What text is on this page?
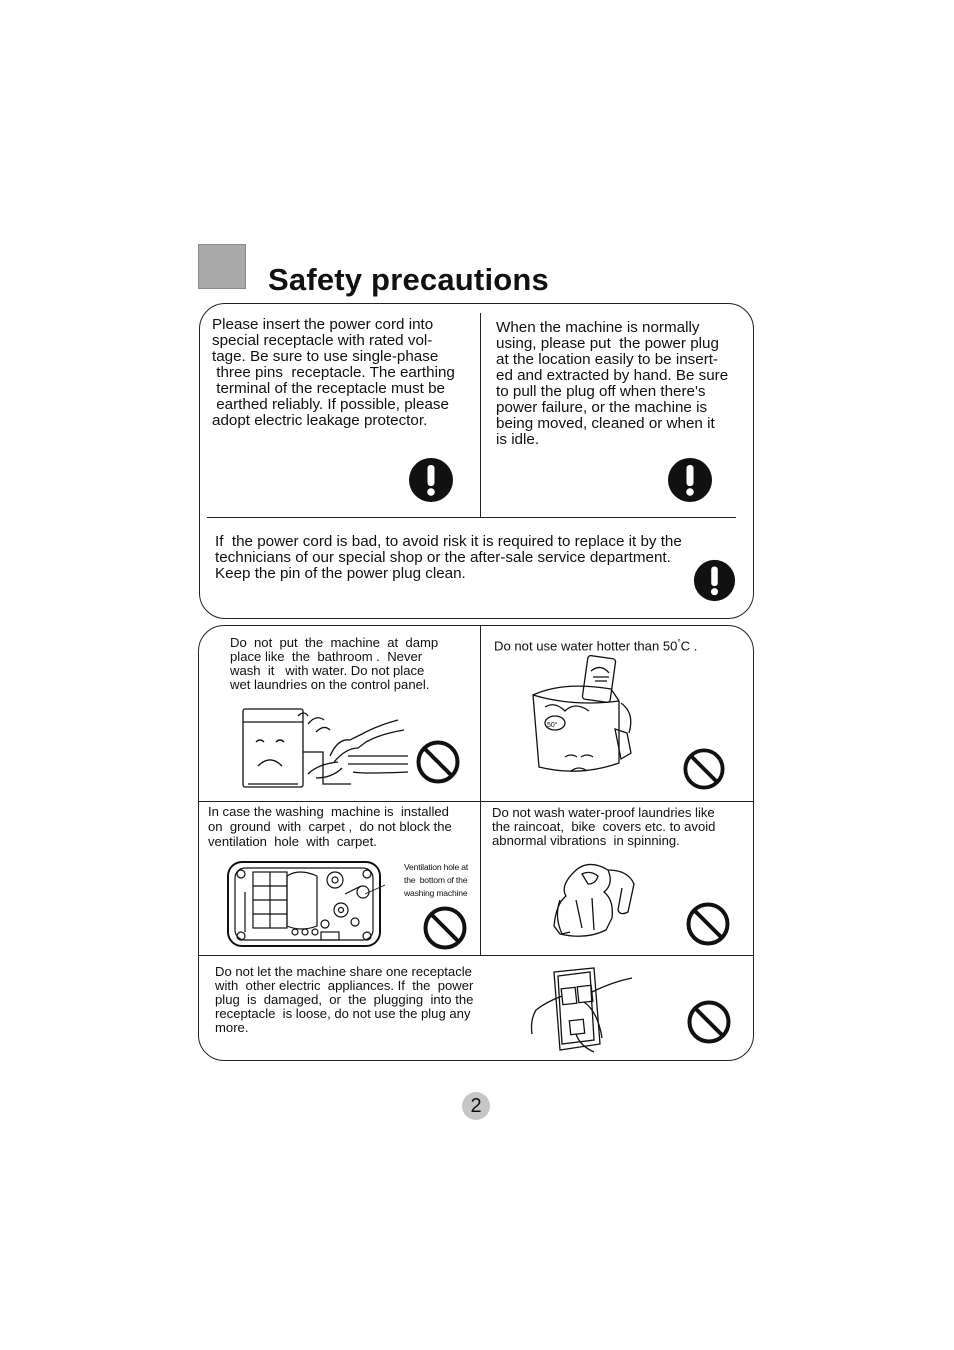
Safety precautions
Please insert the power cord into
special receptacle with rated vol-
tage. Be sure to use single-phase
three pins  receptacle. The earthing
terminal of the receptacle must be
earthed reliably. If possible, please
adopt electric leakage protector.
When the machine is normally
using, please put  the power plug
at the location easily to be insert-
ed and extracted by hand. Be sure
to pull the plug off when there's
power failure, or the machine is
being moved, cleaned or when it
is idle.
If  the power cord is bad, to avoid risk it is required to replace it by the
technicians of our special shop or the after-sale service department.
Keep the pin of the power plug clean.
Do  not  put  the  machine  at  damp
place like  the  bathroom .  Never
wash  it   with water. Do not place
wet laundries on the control panel.
Do not use water hotter than 50°C .
50°
In case the washing  machine is  installed
on  ground  with  carpet ,  do not block the
ventilation  hole  with  carpet.
Ventilation hole at
the  bottom of the
washing machine
Do not wash water-proof laundries like
the raincoat,  bike  covers etc. to avoid
abnormal vibrations  in spinning.
Do not let the machine share one receptacle
with  other electric  appliances. If  the  power
plug  is  damaged,  or  the  plugging  into the
receptacle  is loose, do not use the plug any
more.
2
